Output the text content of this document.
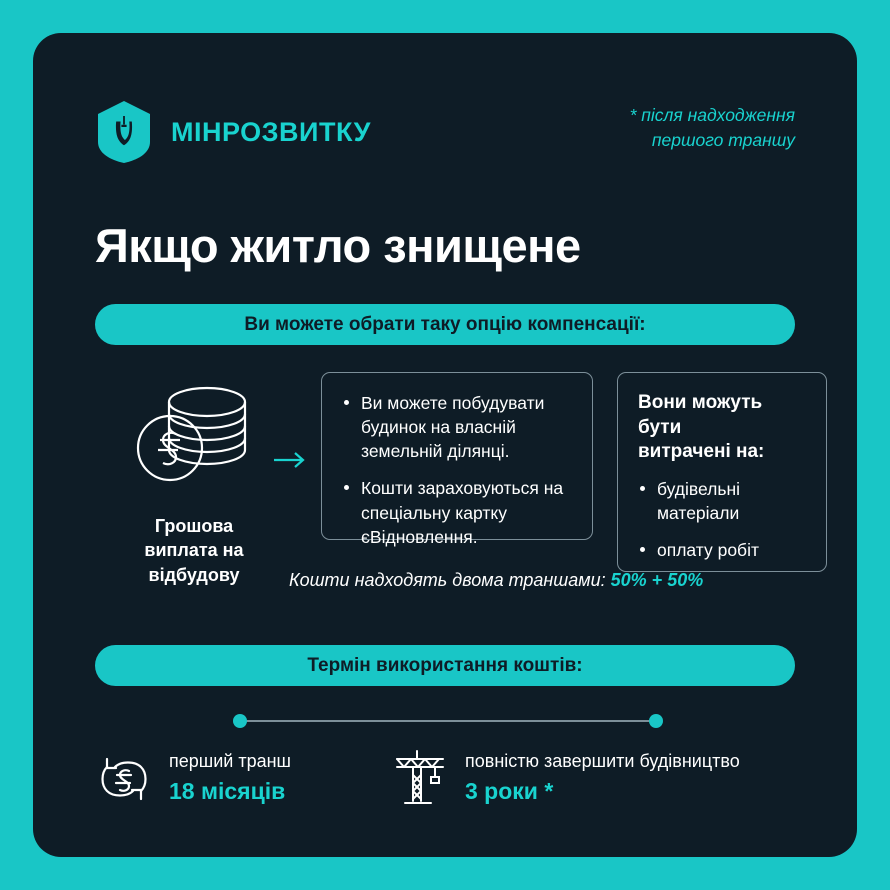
МІНРОЗВИТКУ
* після надходження
першого траншу
Якщо житло знищене
Ви можете обрати таку опцію компенсації:
Грошова
виплата на
відбудову
Ви можете побудувати будинок на власній земельній ділянці.
Кошти зараховуються на спеціальну картку єВідновлення.
Вони можуть бути
витрачені на:
будівельні матеріали
оплату робіт
Кошти надходять двома траншами: 50% + 50%
Термін використання коштів:
перший транш
18 місяців
повністю завершити будівництво
3 роки *
